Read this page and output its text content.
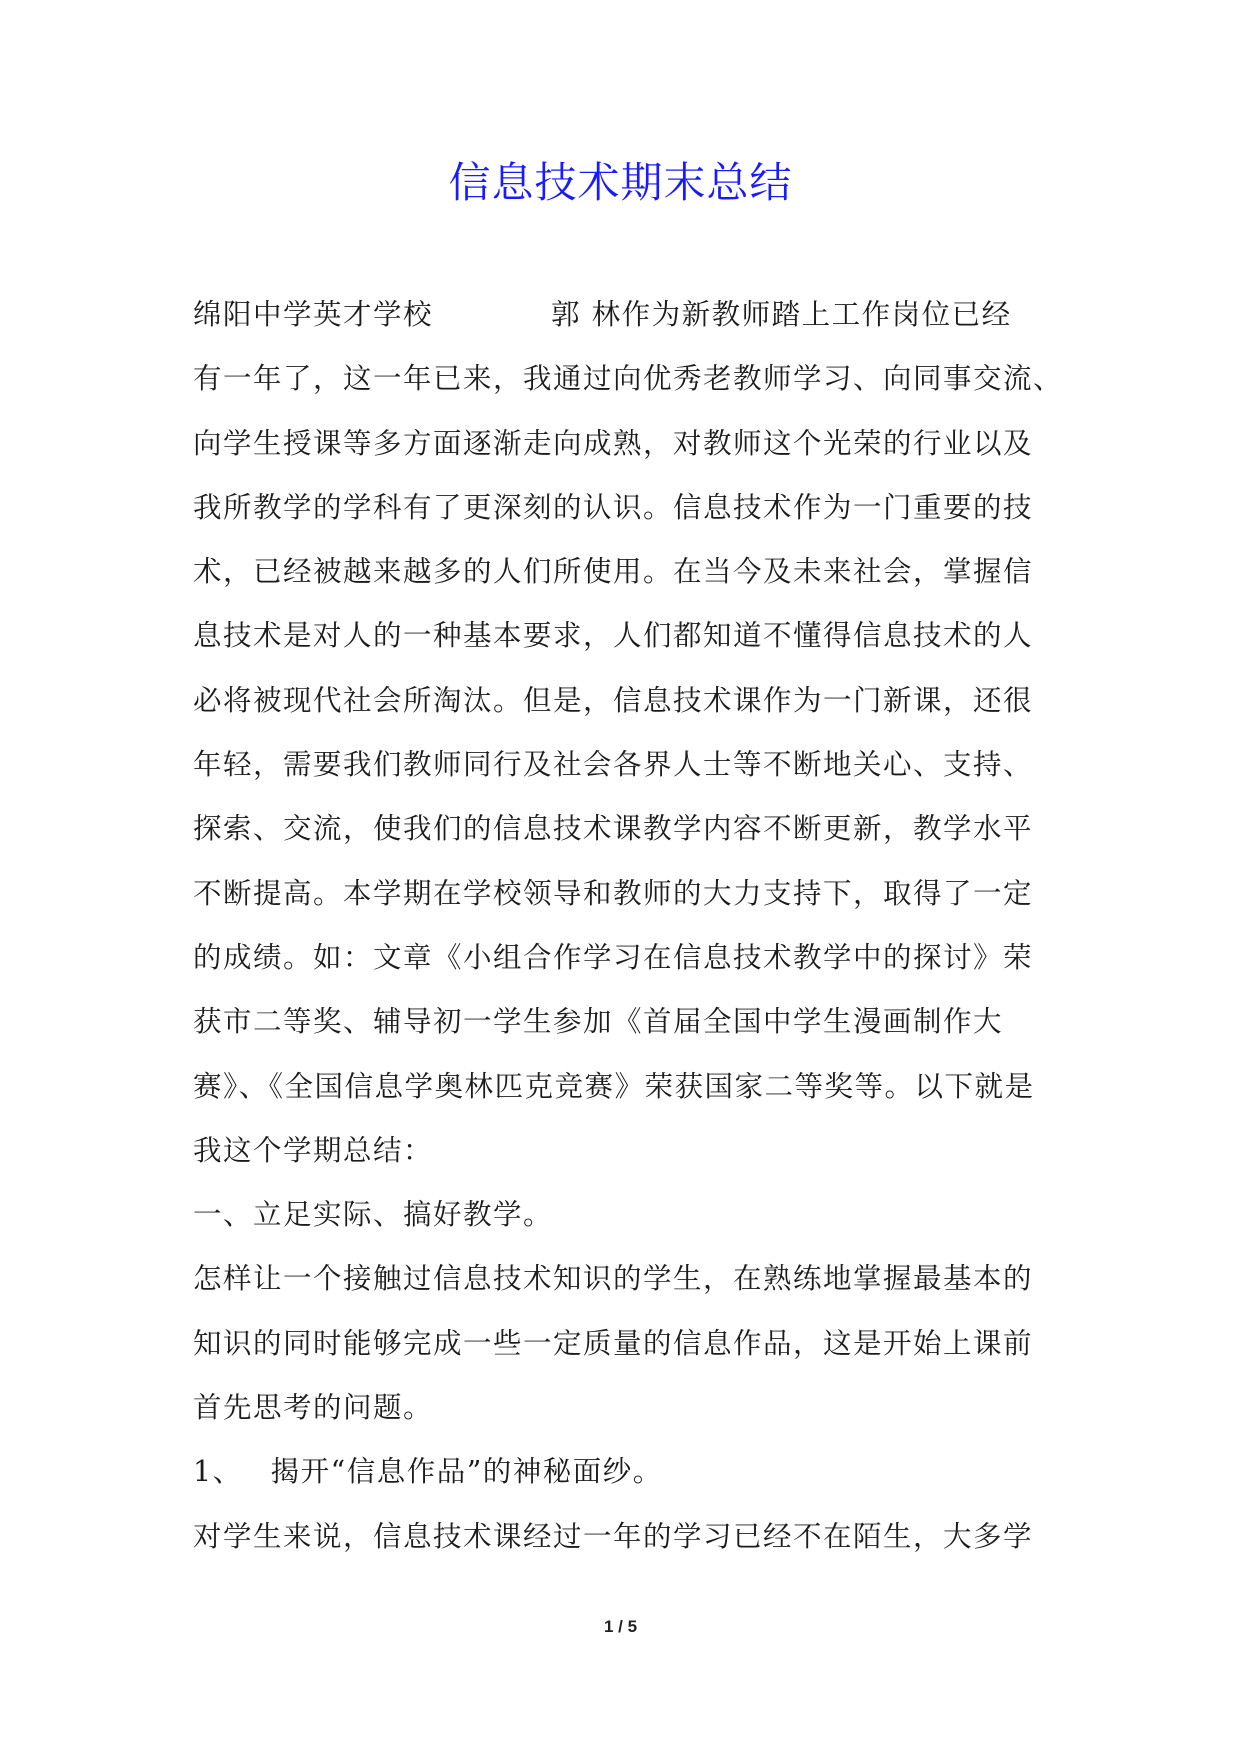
信息技术期末总结
绵阳中学英才学校	郭 林作为新教师踏上工作岗位已经
有一年了，这一年已来，我通过向优秀老教师学习、向同事交流、
向学生授课等多方面逐渐走向成熟，对教师这个光荣的行业以及
我所教学的学科有了更深刻的认识。信息技术作为一门重要的技
术，已经被越来越多的人们所使用。在当今及未来社会，掌握信
息技术是对人的一种基本要求，人们都知道不懂得信息技术的人
必将被现代社会所淘汰。但是，信息技术课作为一门新课，还很
年轻，需要我们教师同行及社会各界人士等不断地关心、支持、
探索、交流，使我们的信息技术课教学内容不断更新，教学水平
不断提高。本学期在学校领导和教师的大力支持下，取得了一定
的成绩。如：文章《小组合作学习在信息技术教学中的探讨》荣
获市二等奖、辅导初一学生参加《首届全国中学生漫画制作大
赛》、《全国信息学奥林匹克竞赛》荣获国家二等奖等。以下就是
我这个学期总结：
一、立足实际、搞好教学。
怎样让一个接触过信息技术知识的学生，在熟练地掌握最基本的
知识的同时能够完成一些一定质量的信息作品，这是开始上课前
首先思考的问题。
1、 揭开“信息作品”的神秘面纱。
对学生来说，信息技术课经过一年的学习已经不在陌生，大多学
1 / 5
